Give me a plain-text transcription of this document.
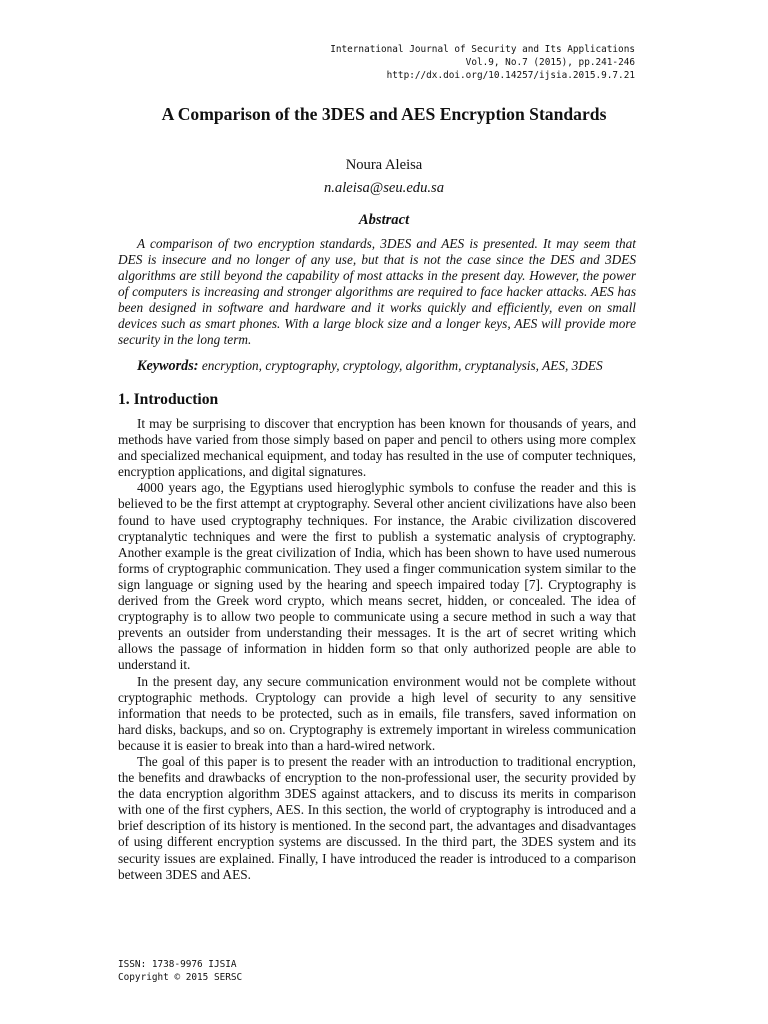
International Journal of Security and Its Applications
Vol.9, No.7 (2015), pp.241-246
http://dx.doi.org/10.14257/ijsia.2015.9.7.21
A Comparison of the 3DES and AES Encryption Standards
Noura Aleisa
n.aleisa@seu.edu.sa
Abstract

A comparison of two encryption standards, 3DES and AES is presented. It may seem that DES is insecure and no longer of any use, but that is not the case since the DES and 3DES algorithms are still beyond the capability of most attacks in the present day. However, the power of computers is increasing and stronger algorithms are required to face hacker attacks. AES has been designed in software and hardware and it works quickly and efficiently, even on small devices such as smart phones. With a large block size and a longer keys, AES will provide more security in the long term.

Keywords: encryption, cryptography, cryptology, algorithm, cryptanalysis, AES, 3DES
1. Introduction

It may be surprising to discover that encryption has been known for thousands of years, and methods have varied from those simply based on paper and pencil to others using more complex and specialized mechanical equipment, and today has resulted in the use of computer techniques, encryption applications, and digital signatures.

4000 years ago, the Egyptians used hieroglyphic symbols to confuse the reader and this is believed to be the first attempt at cryptography. Several other ancient civilizations have also been found to have used cryptography techniques. For instance, the Arabic civilization discovered cryptanalytic techniques and were the first to publish a systematic analysis of cryptography. Another example is the great civilization of India, which has been shown to have used numerous forms of cryptographic communication. They used a finger communication system similar to the sign language or signing used by the hearing and speech impaired today [7]. Cryptography is derived from the Greek word crypto, which means secret, hidden, or concealed. The idea of cryptography is to allow two people to communicate using a secure method in such a way that prevents an outsider from understanding their messages. It is the art of secret writing which allows the passage of information in hidden form so that only authorized people are able to understand it.

In the present day, any secure communication environment would not be complete without cryptographic methods. Cryptology can provide a high level of security to any sensitive information that needs to be protected, such as in emails, file transfers, saved information on hard disks, backups, and so on. Cryptography is extremely important in wireless communication because it is easier to break into than a hard-wired network.

The goal of this paper is to present the reader with an introduction to traditional encryption, the benefits and drawbacks of encryption to the non-professional user, the security provided by the data encryption algorithm 3DES against attackers, and to discuss its merits in comparison with one of the first cyphers, AES. In this section, the world of cryptography is introduced and a brief description of its history is mentioned. In the second part, the advantages and disadvantages of using different encryption systems are discussed. In the third part, the 3DES system and its security issues are explained. Finally, I have introduced the reader is introduced to a comparison between 3DES and AES.

ISSN: 1738-9976 IJSIA
Copyright © 2015 SERSC
